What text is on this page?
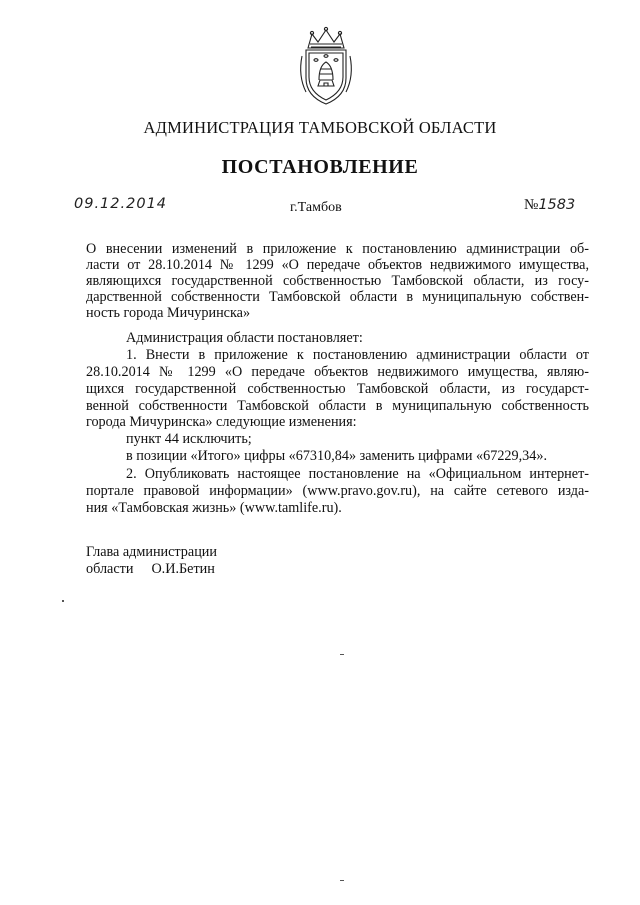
АДМИНИСТРАЦИЯ ТАМБОВСКОЙ ОБЛАСТИ
ПОСТАНОВЛЕНИЕ
09.12.2014	г.Тамбов	№1583
О внесении изменений в приложение к постановлению администрации об-
ласти от 28.10.2014 № 1299 «О передаче объектов недвижимого имущества,
являющихся государственной собственностью Тамбовской области, из госу-
ность города Мичуринска»
Администрация области постановляет:
1. Внести в приложение к постановлению администрации области от
28.10.2014 № 1299 «О передаче объектов недвижимого имущества, являю-
щихся государственной собственностью Тамбовской области, из государст-
венной собственности Тамбовской области в муниципальную собственность
города Мичуринска» следующие изменения:
пункт 44 исключить;
в позиции «Итого» цифры «67310,84» заменить цифрами «67229,34».
2. Опубликовать настоящее постановление на «Официальном интернет-
портале правовой информации» (www.pravo.gov.ru), на сайте сетевого изда-
ния «Тамбовская жизнь» (www.tamlife.ru).
Глава администрации
области О.И.Бетин
дарственной собственности Тамбовской области в муниципальную собствен-
